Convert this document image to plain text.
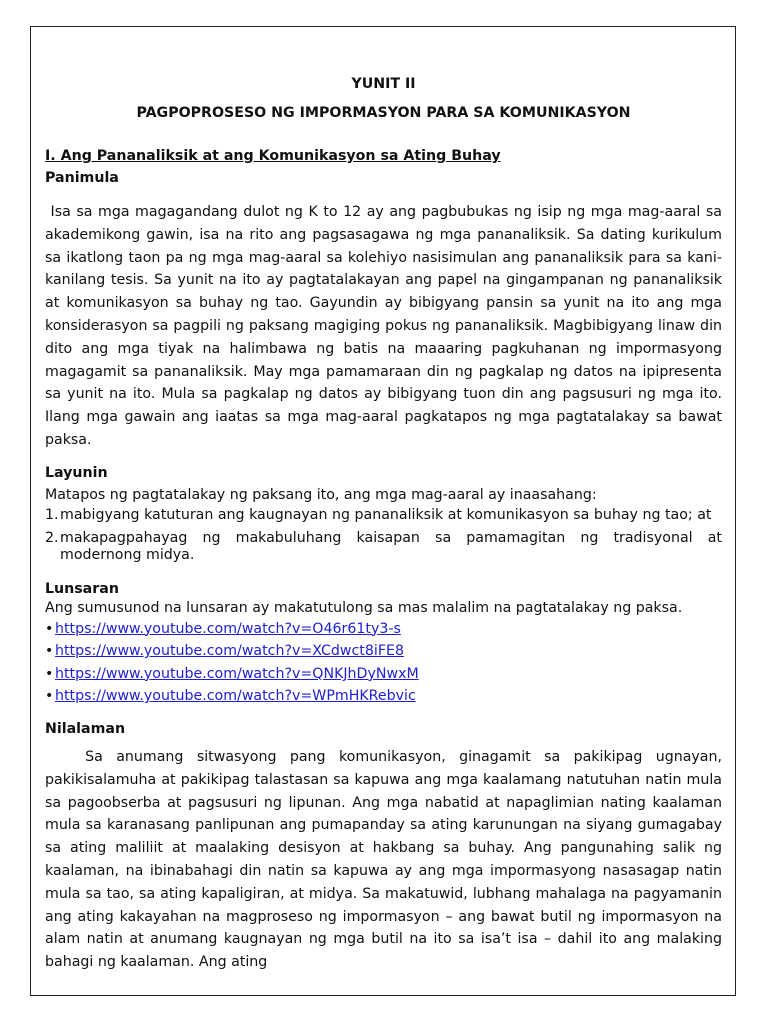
YUNIT II
PAGPOPROSESO NG IMPORMASYON PARA SA KOMUNIKASYON
I. Ang Pananaliksik at ang Komunikasyon sa Ating Buhay
Panimula

Isa sa mga magagandang dulot ng K to 12 ay ang pagbubukas ng isip ng mga mag-aaral sa akademikong gawin, isa na rito ang pagsasagawa ng mga pananaliksik. Sa dating kurikulum sa ikatlong taon pa ng mga mag-aaral sa kolehiyo nasisimulan ang pananaliksik para sa kani-kanilang tesis. Sa yunit na ito ay pagtatalakayan ang papel na gingampanan ng pananaliksik at komunikasyon sa buhay ng tao. Gayundin ay bibigyang pansin sa yunit na ito ang mga konsiderasyon sa pagpili ng paksang magiging pokus ng pananaliksik. Magbibigyang linaw din dito ang mga tiyak na halimbawa ng batis na maaaring pagkuhanan ng impormasyong magagamit sa pananaliksik. May mga pamamaraan din ng pagkalap ng datos na ipipresenta sa yunit na ito. Mula sa pagkalap ng datos ay bibigyang tuon din ang pagsusuri ng mga ito. Ilang mga gawain ang iaatas sa mga mag-aaral pagkatapos ng mga pagtatalakay sa bawat paksa.

Layunin

Matapos ng pagtatalakay ng paksang ito, ang mga mag-aaral ay inaasahang:

1. mabigyang katuturan ang kaugnayan ng pananaliksik at komunikasyon sa buhay ng tao; at
2. makapagpahayag ng makabuluhang kaisapan sa pamamagitan ng tradisyonal at modernong midya.
Lunsaran

Ang sumusunod na lunsaran ay makatutulong sa mas malalim na pagtatalakay ng paksa.

• https://www.youtube.com/watch?v=O46r61ty3-s
• https://www.youtube.com/watch?v=XCdwct8iFE8
• https://www.youtube.com/watch?v=QNKJhDyNwxM
• https://www.youtube.com/watch?v=WPmHKRebvic
Nilalaman

Sa anumang sitwasyong pang komunikasyon, ginagamit sa pakikipag ugnayan, pakikisalamuha at pakikipag talastasan sa kapuwa ang mga kaalamang natutuhan natin mula sa pagoobserba at pagsusuri ng lipunan. Ang mga nabatid at napaglimian nating kaalaman mula sa karanasang panlipunan ang pumapanday sa ating karunungan na siyang gumagabay sa ating maliliit at maalaking desisyon at hakbang sa buhay. Ang pangunahing salik ng kaalaman, na ibinabahagi din natin sa kapuwa ay ang mga impormasyong nasasagap natin mula sa tao, sa ating kapaligiran, at midya. Sa makatuwid, lubhang mahalaga na pagyamanin ang ating kakayahan na magproseso ng impormasyon – ang bawat butil ng impormasyon na alam natin at anumang kaugnayan ng mga butil na ito sa isa’t isa – dahil ito ang malaking bahagi ng kaalaman. Ang ating
